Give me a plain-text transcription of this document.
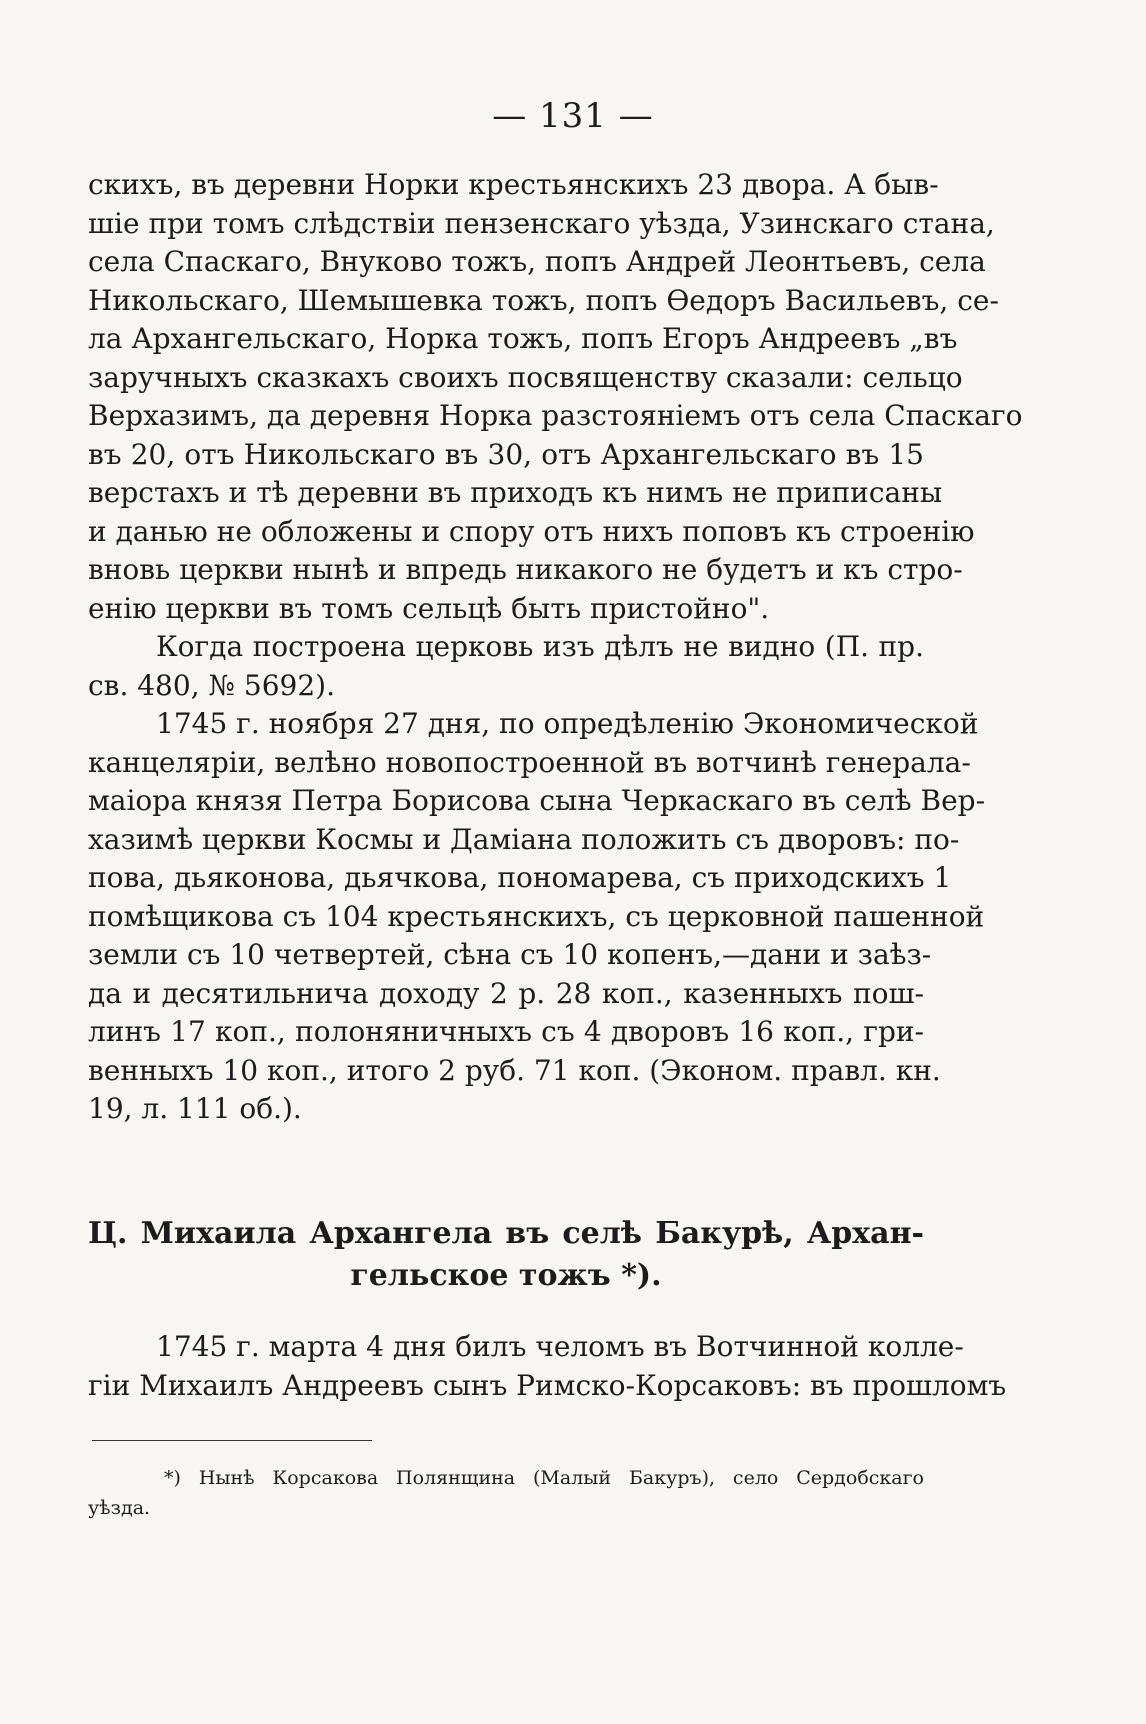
— 131 —
скихъ, въ деревни Норки крестьянскихъ 23 двора. А быв-
шіе при томъ слѣдствіи пензенскаго уѣзда, Узинскаго стана,
села Спаскаго, Внуково тожъ, попъ Андрей Леонтьевъ, села
Никольскаго, Шемышевка тожъ, попъ Ѳедоръ Васильевъ, се-
ла Архангельскаго, Норка тожъ, попъ Егоръ Андреевъ „въ
заручныхъ сказкахъ своихъ посвященству сказали: сельцо
Верхазимъ, да деревня Норка разстояніемъ отъ села Спаскаго
въ 20, отъ Никольскаго въ 30, отъ Архангельскаго въ 15
верстахъ и тѣ деревни въ приходъ къ нимъ не приписаны
и данью не обложены и спору отъ нихъ поповъ къ строенію
вновь церкви нынѣ и впредь никакого не будетъ и къ стро-
енію церкви въ томъ сельцѣ быть пристойно".
Когда построена церковь изъ дѣлъ не видно (П. пр.
св. 480, № 5692).
1745 г. ноября 27 дня, по опредѣленію Экономической
канцеляріи, велѣно новопостроенной въ вотчинѣ генерала-
маіора князя Петра Борисова сына Черкаскаго въ селѣ Вер-
хазимѣ церкви Космы и Даміана положить съ дворовъ: по-
пова, дьяконова, дьячкова, пономарева, съ приходскихъ 1
помѣщикова съ 104 крестьянскихъ, съ церковной пашенной
земли съ 10 четвертей, сѣна съ 10 копенъ,—дани и заѣз-
да и десятильнича доходу 2 р. 28 коп., казенныхъ пош-
линъ 17 коп., полоняничныхъ съ 4 дворовъ 16 коп., гри-
венныхъ 10 коп., итого 2 руб. 71 коп. (Эконом. правл. кн.
19, л. 111 об.).
Ц. Михаила Архангела въ селѣ Бакурѣ, Архан-
гельское тожъ *).
1745 г. марта 4 дня билъ челомъ въ Вотчинной колле-
гіи Михаилъ Андреевъ сынъ Римско-Корсаковъ: въ прошломъ
*) Нынѣ Корсакова Полянщина (Малый Бакуръ), село Сердобскаго
уѣзда.
